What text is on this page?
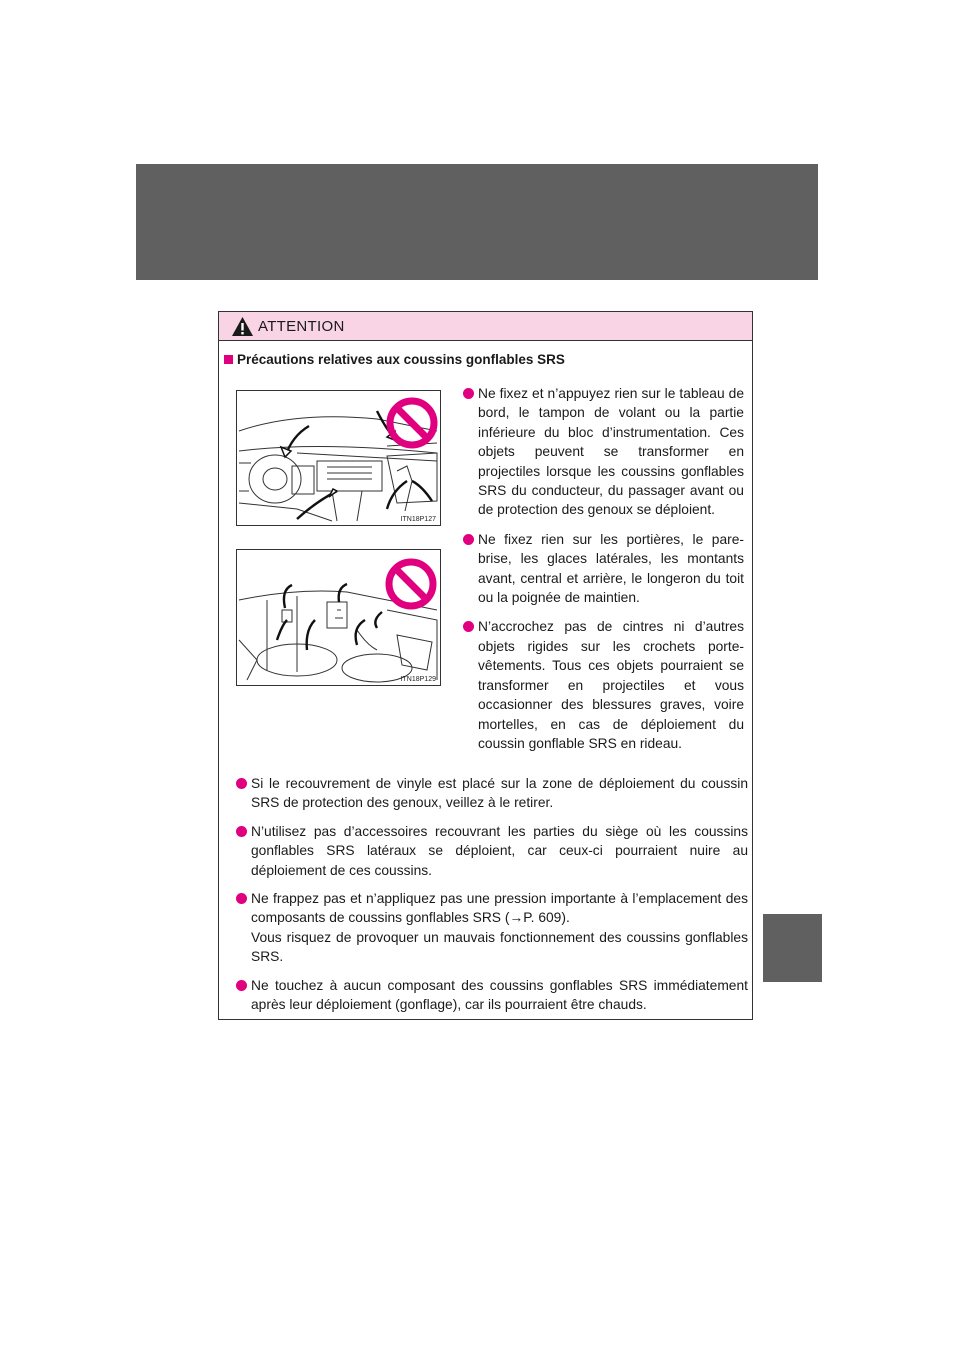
ATTENTION
Précautions relatives aux coussins gonflables SRS
ITN18P127
ITN18P129
Ne fixez et n’appuyez rien sur le tableau de bord, le tampon de volant ou la partie inférieure du bloc d’instrumentation. Ces objets peuvent se transformer en projectiles lorsque les coussins gonflables SRS du conducteur, du passager avant ou de protection des genoux se déploient.
Ne fixez rien sur les portières, le pare-brise, les glaces latérales, les montants avant, central et arrière, le longeron du toit ou la poignée de maintien.
N’accrochez pas de cintres ni d’autres objets rigides sur les crochets porte-vêtements. Tous ces objets pourraient se transformer en projectiles et vous occasionner des blessures graves, voire mortelles, en cas de déploiement du coussin gonflable SRS en rideau.
Si le recouvrement de vinyle est placé sur la zone de déploiement du coussin SRS de protection des genoux, veillez à le retirer.
N’utilisez pas d’accessoires recouvrant les parties du siège où les coussins gonflables SRS latéraux se déploient, car ceux-ci pourraient nuire au déploiement de ces coussins.
Ne frappez pas et n’appliquez pas une pression importante à l’emplacement des composants de coussins gonflables SRS (→P. 609).
Vous risquez de provoquer un mauvais fonctionnement des coussins gonflables SRS.
Ne touchez à aucun composant des coussins gonflables SRS immédiatement après leur déploiement (gonflage), car ils pourraient être chauds.
